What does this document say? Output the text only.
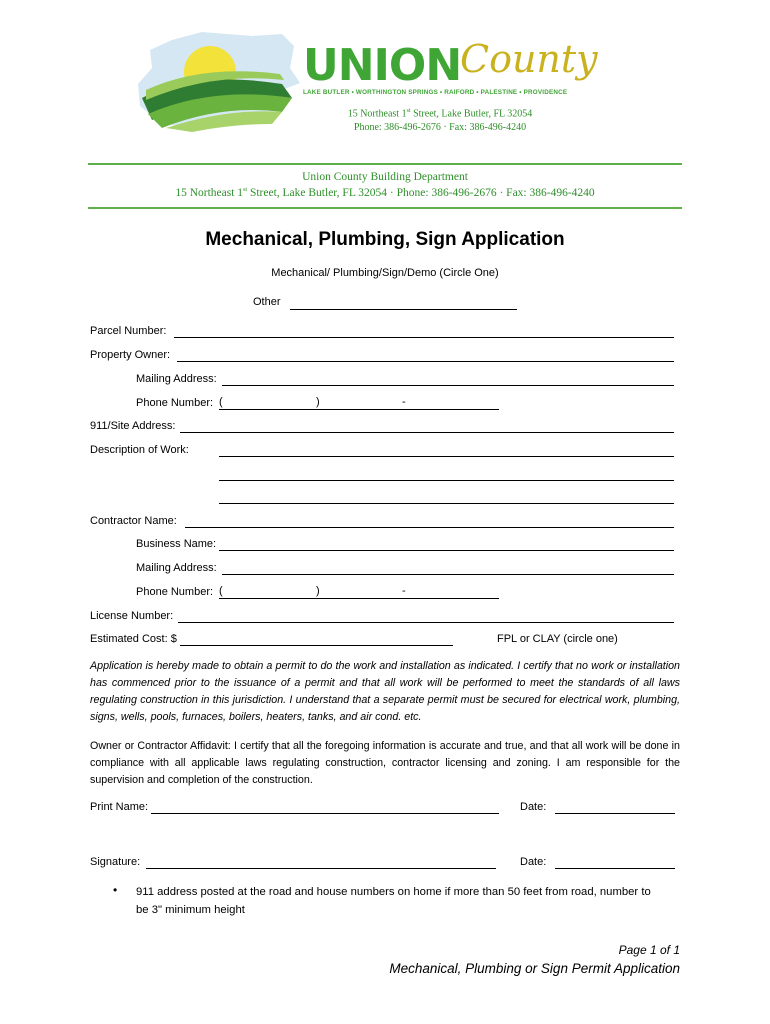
UNION
County
LAKE BUTLER • WORTHINGTON SPRINGS • RAIFORD • PALESTINE • PROVIDENCE
15 Northeast 1st Street, Lake Butler, FL 32054
Phone: 386-496-2676 · Fax: 386-496-4240
Union County Building Department
15 Northeast 1st Street, Lake Butler, FL 32054 · Phone: 386-496-2676 · Fax: 386-496-4240
Mechanical, Plumbing, Sign Application
Mechanical/ Plumbing/Sign/Demo (Circle One)
Other
Parcel Number:
Property Owner:
Mailing Address:
Phone Number: (	)	-
911/Site Address:
Description of Work:
Contractor Name:
Business Name:
Mailing Address:
Phone Number: (	)	-
License Number:
Estimated Cost: $	FPL or CLAY (circle one)
Application is hereby made to obtain a permit to do the work and installation as indicated. I certify that no work or installation has commenced prior to the issuance of a permit and that all work will be performed to meet the standards of all laws regulating construction in this jurisdiction. I understand that a separate permit must be secured for electrical work, plumbing, signs, wells, pools, furnaces, boilers, heaters, tanks, and air cond. etc.
Owner or Contractor Affidavit: I certify that all the foregoing information is accurate and true, and that all work will be done in compliance with all applicable laws regulating construction, contractor licensing and zoning. I am responsible for the supervision and completion of the construction.
Print Name:	Date:
Signature:	Date:
• 911 address posted at the road and house numbers on home if more than 50 feet from road, number to be 3" minimum height
Page 1 of 1
Mechanical, Plumbing or Sign Permit Application
